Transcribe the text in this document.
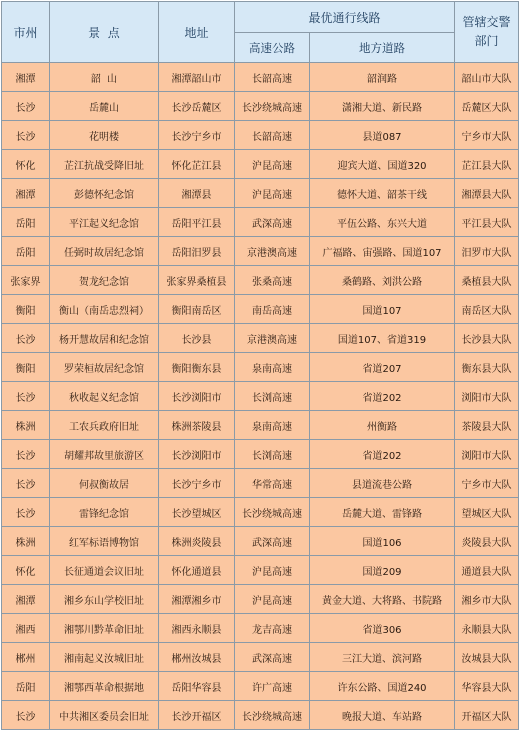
市州	景  点	地址	最优通行线路		管辖交警部门
			高速公路	地方道路	
湘潭	韶  山	湘潭韶山市	长韶高速	韶润路	韶山市大队
长沙	岳麓山	长沙岳麓区	长沙绕城高速	潇湘大道、新民路	岳麓区大队
长沙	花明楼	长沙宁乡市	长韶高速	县道087	宁乡市大队
怀化	芷江抗战受降旧址	怀化芷江县	沪昆高速	迎宾大道、国道320	芷江县大队
湘潭	彭德怀纪念馆	湘潭县	沪昆高速	德怀大道、韶茶干线	湘潭县大队
岳阳	平江起义纪念馆	岳阳平江县	武深高速	平伍公路、东兴大道	平江县大队
岳阳	任弼时故居纪念馆	岳阳汨罗县	京港澳高速	广福路、宙强路、国道107	汨罗市大队
张家界	贺龙纪念馆	张家界桑植县	张桑高速	桑鹤路、刘洪公路	桑植县大队
衡阳	衡山（南岳忠烈祠）	衡阳南岳区	南岳高速	国道107	南岳区大队
长沙	杨开慧故居和纪念馆	长沙县	京港澳高速	国道107、省道319	长沙县大队
衡阳	罗荣桓故居纪念馆	衡阳衡东县	泉南高速	省道207	衡东县大队
长沙	秋收起义纪念馆	长沙浏阳市	长浏高速	省道202	浏阳市大队
株洲	工农兵政府旧址	株洲茶陵县	泉南高速	州衡路	茶陵县大队
长沙	胡耀邦故里旅游区	长沙浏阳市	长浏高速	省道202	浏阳市大队
长沙	何叔衡故居	长沙宁乡市	华常高速	县道流巷公路	宁乡市大队
长沙	雷锋纪念馆	长沙望城区	长沙绕城高速	岳麓大道、雷锋路	望城区大队
株洲	红军标语博物馆	株洲炎陵县	武深高速	国道106	炎陵县大队
怀化	长征通道会议旧址	怀化通道县	沪昆高速	国道209	通道县大队
湘潭	湘乡东山学校旧址	湘潭湘乡市	沪昆高速	黄金大道、大将路、书院路	湘乡市大队
湘西	湘鄂川黔革命旧址	湘西永顺县	龙吉高速	省道306	永顺县大队
郴州	湘南起义汝城旧址	郴州汝城县	武深高速	三江大道、滨河路	汝城县大队
岳阳	湘鄂西革命根据地	岳阳华容县	许广高速	许东公路、国道240	华容县大队
长沙	中共湘区委员会旧址	长沙开福区	长沙绕城高速	晚报大道、车站路	开福区大队
